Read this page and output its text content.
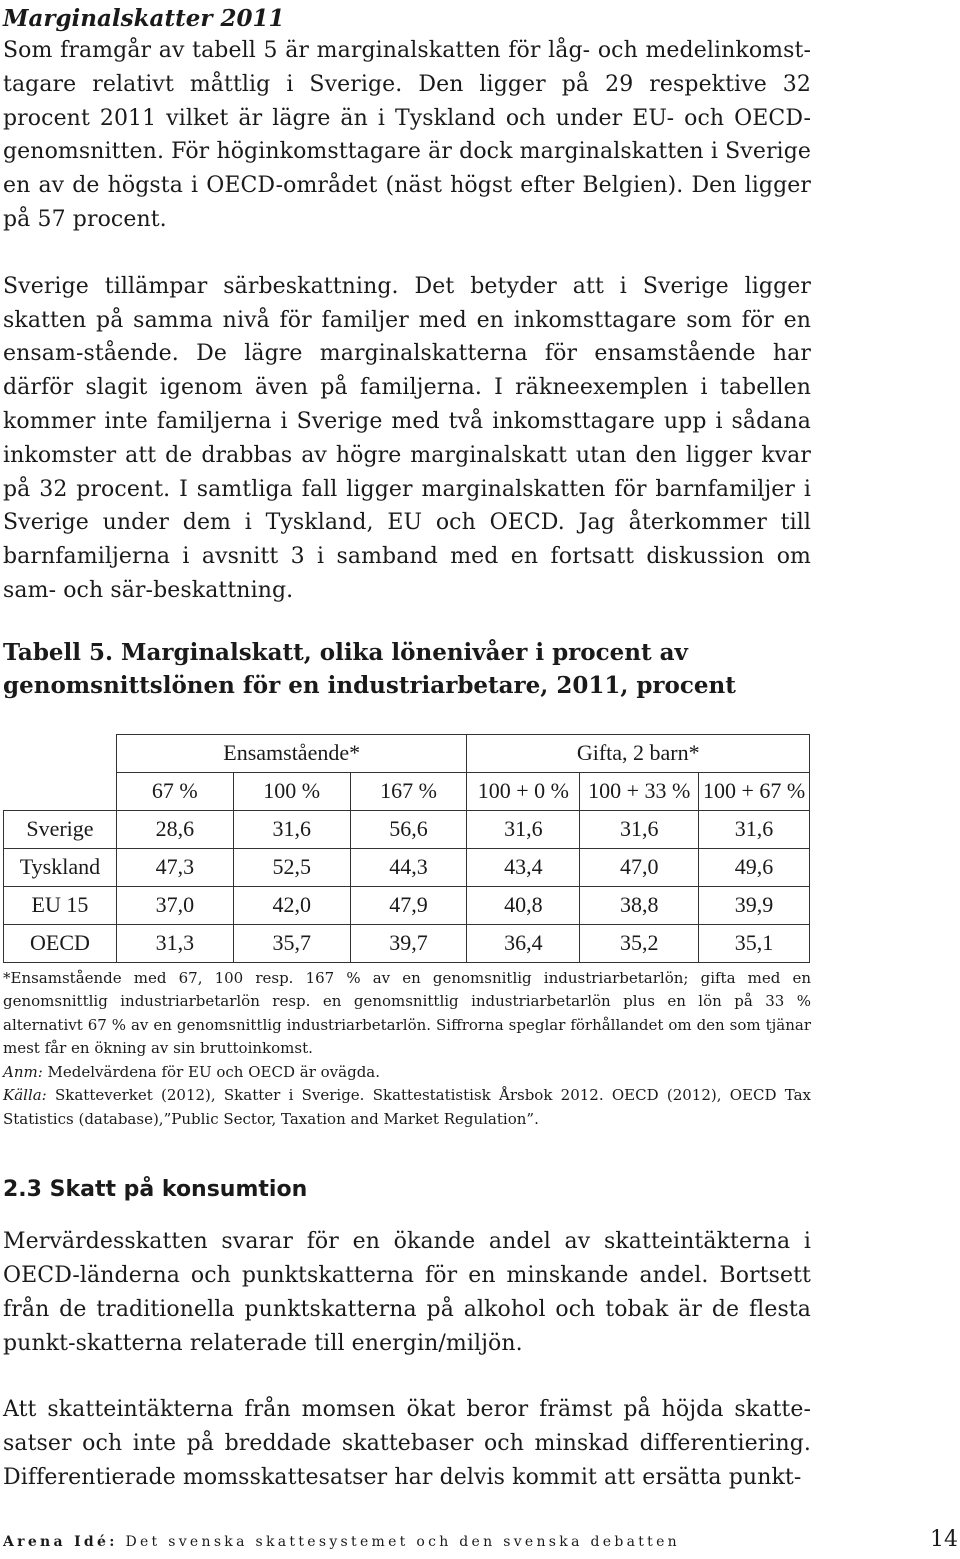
Marginalskatter 2011

Som framgår av tabell 5 är marginalskatten för låg- och medelinkomst-tagare relativt måttlig i Sverige. Den ligger på 29 respektive 32 procent 2011 vilket är lägre än i Tyskland och under EU- och OECD-genomsnitten. För höginkomsttagare är dock marginalskatten i Sverige en av de högsta i OECD-området (näst högst efter Belgien). Den ligger på 57 procent.

Sverige tillämpar särbeskattning. Det betyder att i Sverige ligger skatten på samma nivå för familjer med en inkomsttagare som för en ensam-stående. De lägre marginalskatterna för ensamstående har därför slagit igenom även på familjerna. I räkneexemplen i tabellen kommer inte familjerna i Sverige med två inkomsttagare upp i sådana inkomster att de drabbas av högre marginalskatt utan den ligger kvar på 32 procent. I samtliga fall ligger marginalskatten för barnfamiljer i Sverige under dem i Tyskland, EU och OECD. Jag återkommer till barnfamiljerna i avsnitt 3 i samband med en fortsatt diskussion om sam- och sär-beskattning.

Tabell 5. Marginalskatt, olika lönenivåer i procent av
genomsnittslönen för en industriarbetare, 2011, procent
	Ensamstående*			Gifta, 2 barn*		
	67 %	100 %	167 %	100 + 0 %	100 + 33 %	100 + 67 %
Sverige	28,6	31,6	56,6	31,6	31,6	31,6
Tyskland	47,3	52,5	44,3	43,4	47,0	49,6
EU 15	37,0	42,0	47,9	40,8	38,8	39,9
OECD	31,3	35,7	39,7	36,4	35,2	35,1
*Ensamstående med 67, 100 resp. 167 % av en genomsnitlig industriarbetarlön; gifta med en genomsnittlig industriarbetarlön resp. en genomsnittlig industriarbetarlön plus en lön på 33 % alternativt 67 % av en genomsnittlig industriarbetarlön. Siffrorna speglar förhållandet om den som tjänar mest får en ökning av sin bruttoinkomst.
Anm: Medelvärdena för EU och OECD är ovägda.
Källa: Skatteverket (2012), Skatter i Sverige. Skattestatistisk Årsbok 2012. OECD (2012), OECD Tax Statistics (database),”Public Sector, Taxation and Market Regulation”.
2.3 Skatt på konsumtion

Mervärdesskatten svarar för en ökande andel av skatteintäkterna i OECD-länderna och punktskatterna för en minskande andel. Bortsett från de traditionella punktskatterna på alkohol och tobak är de flesta punkt-skatterna relaterade till energin/miljön.

Att skatteintäkterna från momsen ökat beror främst på höjda skatte-satser och inte på breddade skattebaser och minskad differentiering. Differentierade momsskattesatser har delvis kommit att ersätta punkt-

Arena Idé: Det svenska skattesystemet och den svenska debatten	14
